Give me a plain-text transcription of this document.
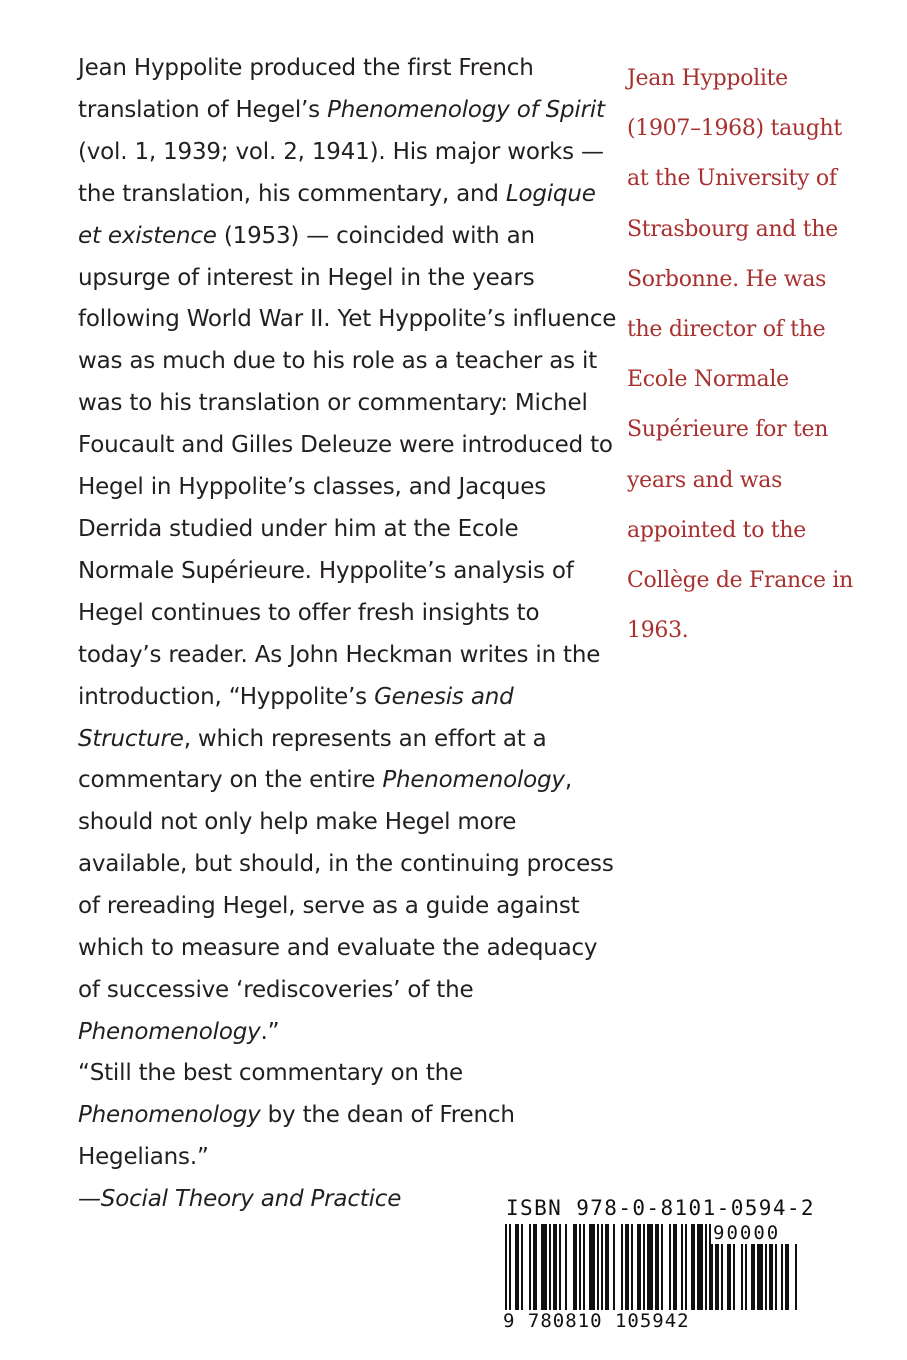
Jean Hyppolite produced the first French translation of Hegel’s Phenomenology of Spirit (vol. 1, 1939; vol. 2, 1941). His major works — the translation, his commentary, and Logique et existence (1953) — coincided with an upsurge of interest in Hegel in the years following World War II. Yet Hyppolite’s influence was as much due to his role as a teacher as it was to his translation or commentary: Michel Foucault and Gilles Deleuze were introduced to Hegel in Hyppolite’s classes, and Jacques Derrida studied under him at the Ecole Normale Supérieure. Hyppolite’s analysis of Hegel continues to offer fresh insights to today’s reader. As John Heckman writes in the introduction, “Hyppolite’s Genesis and Structure, which represents an effort at a commentary on the entire Phenomenology, should not only help make Hegel more available, but should, in the continuing process of rereading Hegel, serve as a guide against which to measure and evaluate the adequacy of successive ‘rediscoveries’ of the Phenomenology.”

Jean Hyppolite (1907–1968) taught at the University of Strasbourg and the Sorbonne. He was the director of the Ecole Normale Supérieure for ten years and was appointed to the Collège de France in 1963.
“Still the best commentary on the Phenomenology by the dean of French Hegelians.”
—Social Theory and Practice	ISBN 978-0-8101-0594-2
90000
9 780810 105942
